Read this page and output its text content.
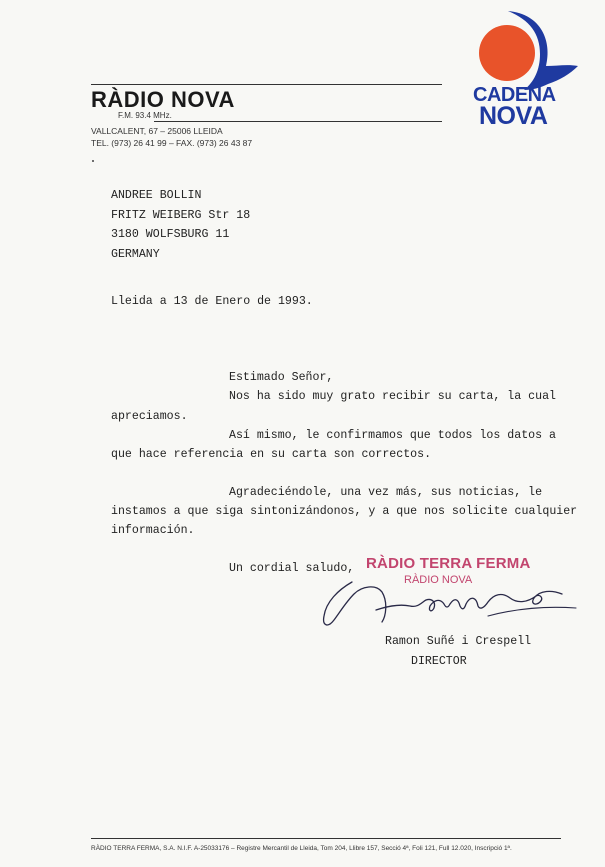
RÀDIO NOVA
F.M. 93.4 MHz.
VALLCALENT, 67 – 25006 LLEIDA
TEL. (973) 26 41 99 – FAX. (973) 26 43 87
CADENA
NOVA
ANDREE BOLLIN
FRITZ WEIBERG Str 18
3180 WOLFSBURG 11
GERMANY
Lleida a 13 de Enero de 1993.
Estimado Señor,
Nos ha sido muy grato recibir su carta, la cual
apreciamos.
Así mismo, le confirmamos que todos los datos a
que hace referencia en su carta son correctos.
Agradeciéndole, una vez más, sus noticias, le
instamos a que siga sintonizándonos, y a que nos solicite cualquier
información.
Un cordial saludo, RÀDIO TERRA FERMA
RÀDIO NOVA
Ramon Suñé i Crespell
DIRECTOR
RÀDIO TERRA FERMA, S.A. N.I.F. A-25033176 – Registre Mercantil de Lleida, Tom 204, Llibre 157, Secció 4ª, Foli 121, Full 12.020, Inscripció 1ª.
